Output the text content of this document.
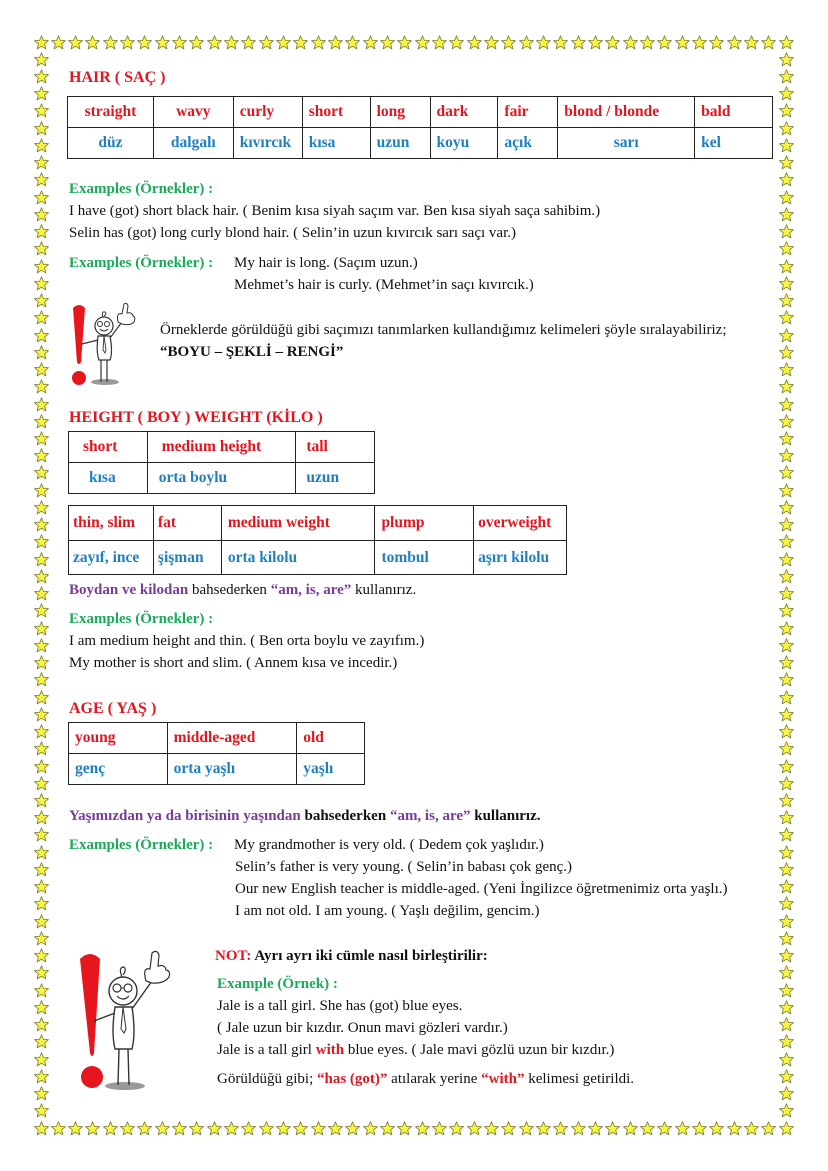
HAIR ( SAÇ )
straight	wavy	curly	short	long	dark	fair	blond / blonde	bald
düz	dalgalı	kıvırcık	kısa	uzun	koyu	açık	sarı	kel
Examples (Örnekler) :
I have (got) short black hair. ( Benim kısa siyah saçım var. Ben kısa siyah saça sahibim.)
Selin has (got) long curly blond hair. ( Selin’in uzun kıvırcık sarı saçı var.)
Examples (Örnekler) : My hair is long. (Saçım uzun.)
Mehmet’s hair is curly. (Mehmet’in saçı kıvırcık.)
Örneklerde görüldüğü gibi saçımızı tanımlarken kullandığımız kelimeleri şöyle sıralayabiliriz;
“BOYU – ŞEKLİ – RENGİ”
HEIGHT ( BOY ) WEIGHT (KİLO )
short	medium height	tall
kısa	orta boylu	uzun
thin, slim	fat	medium weight	plump	overweight
zayıf, ince	şişman	orta kilolu	tombul	aşırı kilolu
Boydan ve kilodan bahsederken “am, is, are” kullanırız.
Examples (Örnekler) :
I am medium height and thin. ( Ben orta boylu ve zayıfım.)
My mother is short and slim. ( Annem kısa ve incedir.)
AGE ( YAŞ )
young	middle-aged	old
genç	orta yaşlı	yaşlı
Yaşımızdan ya da birisinin yaşından bahsederken “am, is, are” kullanırız.
Examples (Örnekler) : My grandmother is very old. ( Dedem çok yaşlıdır.)
Selin’s father is very young. ( Selin’in babası çok genç.)
Our new English teacher is middle-aged. (Yeni İngilizce öğretmenimiz orta yaşlı.)
I am not old. I am young. ( Yaşlı değilim, gencim.)
NOT: Ayrı ayrı iki cümle nasıl birleştirilir:
Example (Örnek) :
Jale is a tall girl. She has (got) blue eyes.
( Jale uzun bir kızdır. Onun mavi gözleri vardır.)
Jale is a tall girl with blue eyes. ( Jale mavi gözlü uzun bir kızdır.)
Görüldüğü gibi; “has (got)” atılarak yerine “with” kelimesi getirildi.
